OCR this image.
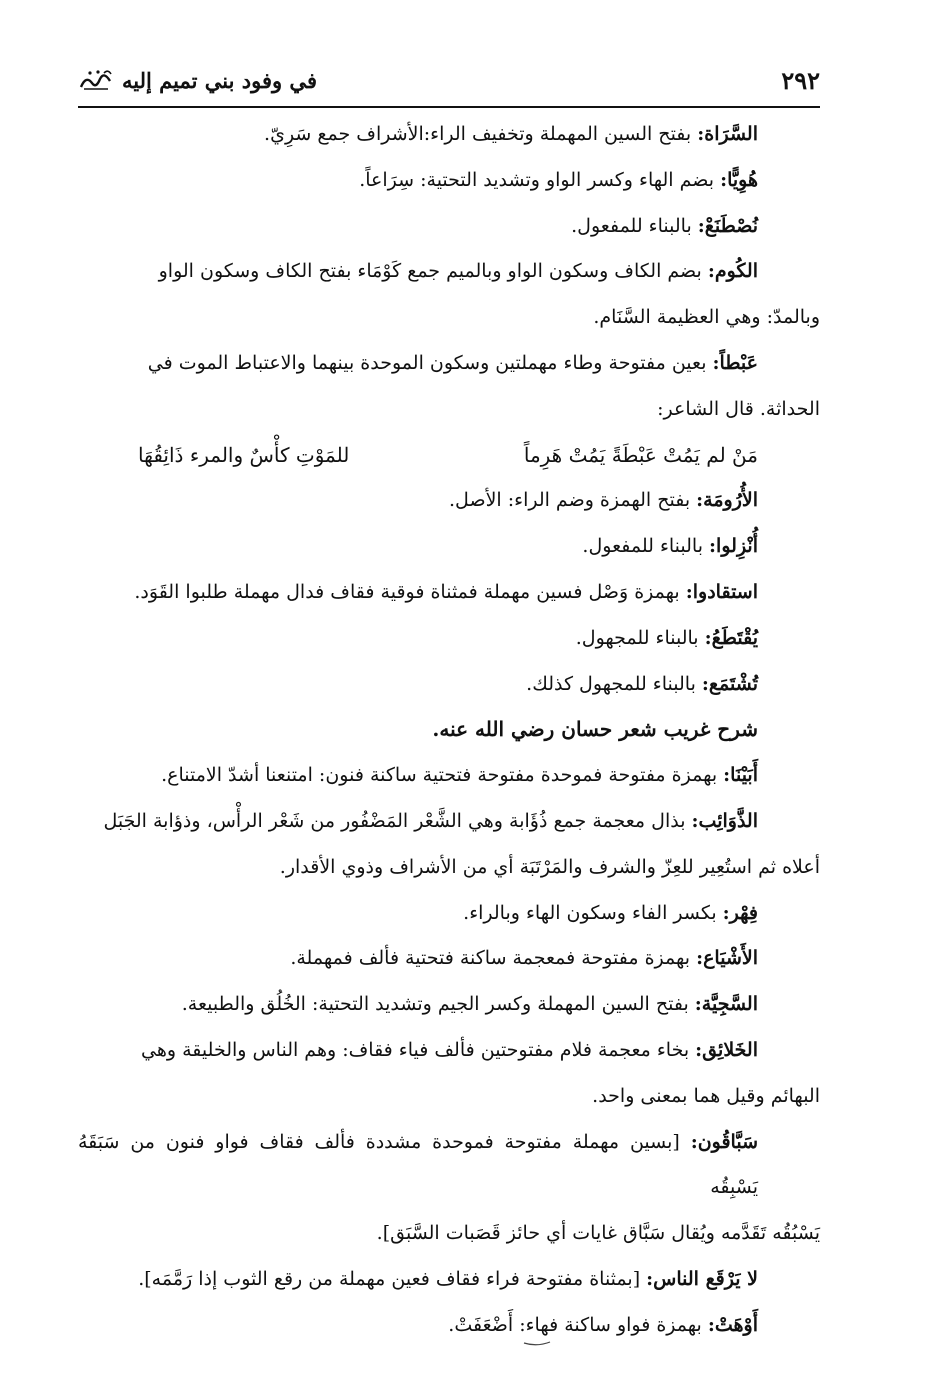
٢٩٢
في وفود بني تميم إليه

السَّرَاة: بفتح السين المهملة وتخفيف الراء:الأشراف جمع سَرِيّ.

هُوِيًّا: بضم الهاء وكسر الواو وتشديد التحتية: سِرَاعاً.

نُصْطَنَعْ: بالبناء للمفعول.

الكُوم: بضم الكاف وسكون الواو وبالميم جمع كَوْمَاء بفتح الكاف وسكون الواو

وبالمدّ: وهي العظيمة السَّنَام.

عَبْطاً: بعين مفتوحة وطاء مهملتين وسكون الموحدة بينهما والاعتباط الموت في

الحداثة. قال الشاعر:

مَنْ لم يَمُتْ عَبْطَةً يَمُتْ هَرِماً
للمَوْتِ كأْسٌ والمرء ذَائِقُهَا

الأُرُومَة: بفتح الهمزة وضم الراء: الأصل.

أُنْزِلوا: بالبناء للمفعول.

استقادوا: بهمزة وَصْل فسين مهملة فمثناة فوقية فقاف فدال مهملة طلبوا القَوَد.

يُقْتَطَعُ: بالبناء للمجهول.

تُشْتَمَع: بالبناء للمجهول كذلك.

شرح غريب شعر حسان رضي الله عنه.

أَبَيْنَا: بهمزة مفتوحة فموحدة مفتوحة فتحتية ساكنة فنون: امتنعنا أشدّ الامتناع.

الذَّوَائِب: بذال معجمة جمع ذُؤَابة وهي الشَّعْر المَضْفُور من شَعْر الرأْس، وذؤابة الجَبَل

أعلاه ثم استُعِير للعِزّ والشرف والمَرْتَبَة أي من الأشراف وذوي الأقدار.

فِهْر: بكسر الفاء وسكون الهاء وبالراء.

الأَشْيَاع: بهمزة مفتوحة فمعجمة ساكنة فتحتية فألف فمهملة.

السَّجِيَّة: بفتح السين المهملة وكسر الجيم وتشديد التحتية: الخُلُق والطبيعة.

الخَلائِق: بخاء معجمة فلام مفتوحتين فألف فياء فقاف: وهم الناس والخليقة وهي

البهائم وقيل هما بمعنى واحد.

سَبَّاقُون: [بسين مهملة مفتوحة فموحدة مشددة فألف فقاف فواو فنون من سَبَقَهُ يَسْبِقُه

يَسْبُقُه تَقَدَّمه ويُقال سَبَّاق غايات أي حائز قَصَبات السَّبَق].

لا يَرْقَع الناس: [بمثناة مفتوحة فراء فقاف فعين مهملة من رقع الثوب إذا رَمَّمَه].

أَوْهَتْ: بهمزة فواو ساكنة فهاء: أَضْعَفَتْ.
